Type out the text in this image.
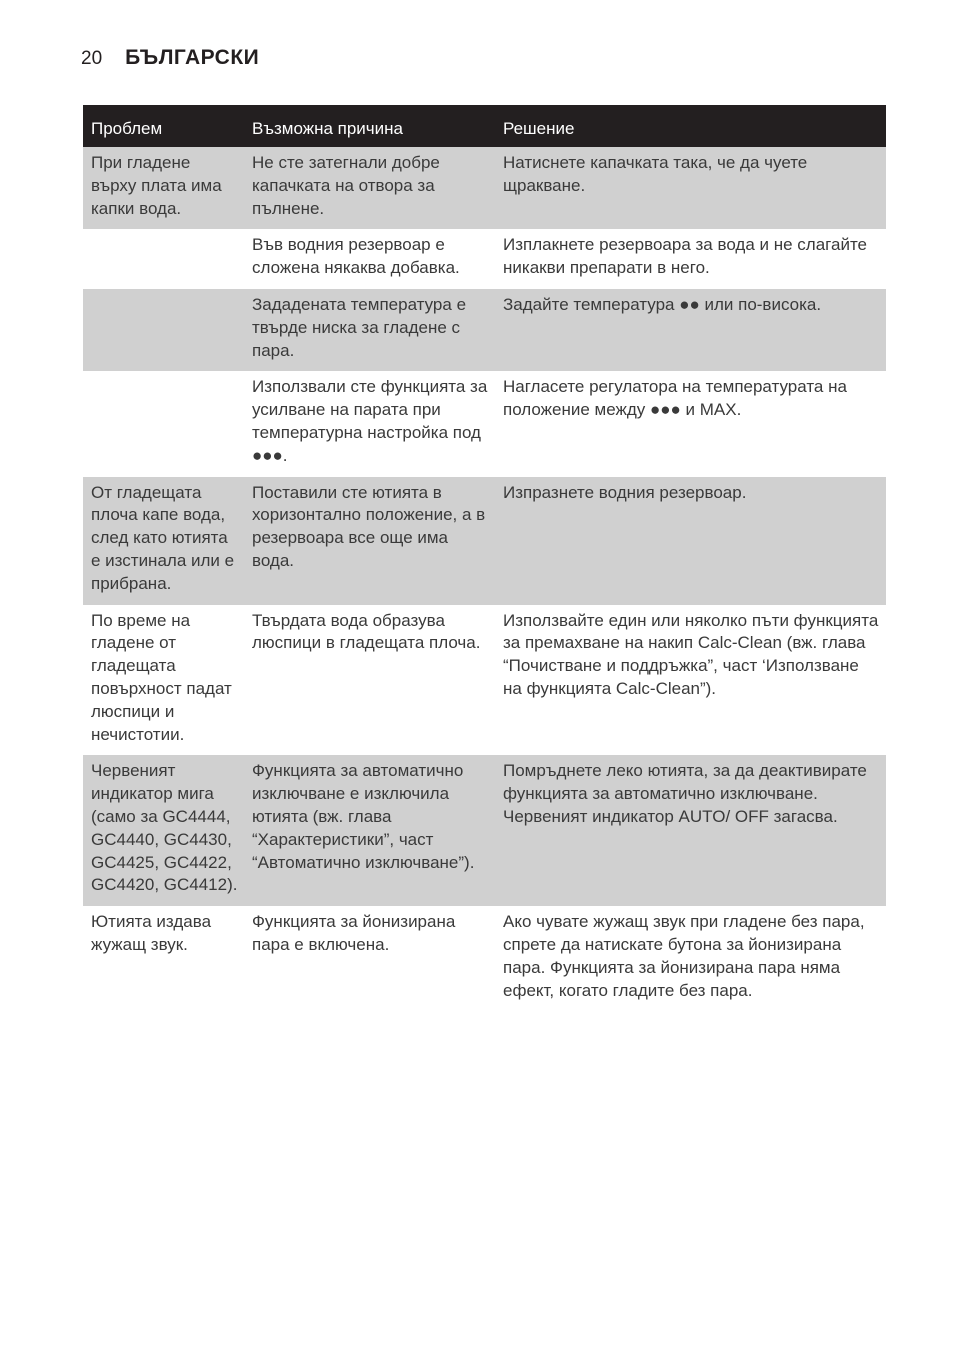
20 БЪЛГАРСКИ
Проблем	Възможна причина	Решение
При гладене върху плата има капки вода.	Не сте затегнали добре капачката на отвора за пълнене.	Натиснете капачката така, че да чуете щракване.
	Във водния резервоар е сложена някаква добавка.	Изплакнете резервоара за вода и не слагайте никакви препарати в него.
	Зададената температура е твърде ниска за гладене с пара.	Задайте температура ●● или по-висока.
	Използвали сте функцията за усилване на парата при температурна настройка под ●●●.	Нагласете регулатора на температурата на положение между ●●● и MAX.
От гладещата плоча капе вода, след като ютията е изстинала или е прибрана.	Поставили сте ютията в хоризонтално положение, а в резервоара все още има вода.	Изпразнете водния резервоар.
По време на гладене от гладещата повърхност падат люспици и нечистотии.	Твърдата вода образува люспици в гладещата плоча.	Използвайте един или няколко пъти функцията за премахване на накип Calc-Clean (вж. глава “Почистване и поддръжка”, част ‘Използване на функцията Calc-Clean”).
Червеният индикатор мига (само за GC4444, GC4440, GC4430, GC4425, GC4422, GC4420, GC4412).	Функцията за автоматично изключване е изключила ютията (вж. глава “Характеристики”, част “Автоматично изключване”).	Помръднете леко ютията, за да деактивирате функцията за автоматично изключване. Червеният индикатор AUTO/ OFF загасва.
Ютията издава жужащ звук.	Функцията за йонизирана пара е включена.	Ако чувате жужащ звук при гладене без пара, спрете да натискате бутона за йонизирана пара. Функцията за йонизирана пара няма ефект, когато гладите без пара.
